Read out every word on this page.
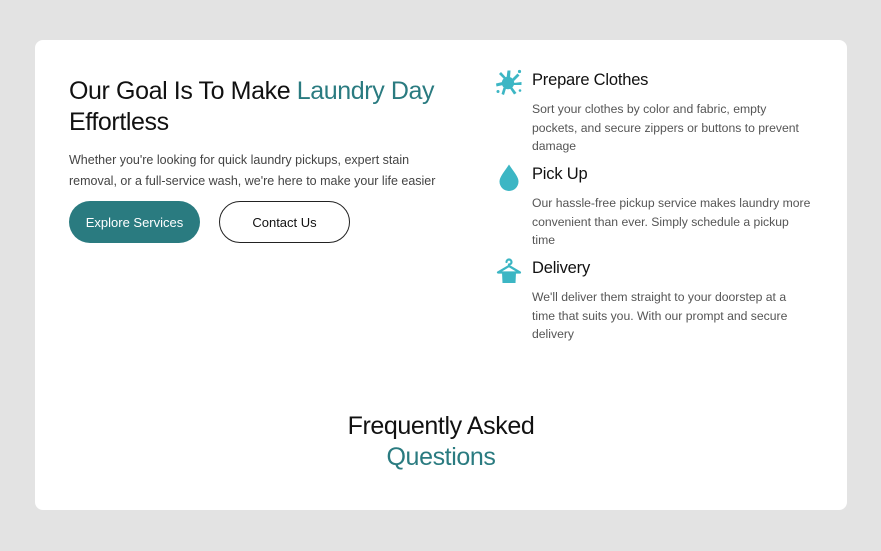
Our Goal Is To Make Laundry Day
Effortless

Whether you're looking for quick laundry pickups, expert stain removal, or a full-service wash, we're here to make your life easier

Explore Services	Contact Us
Prepare Clothes

Sort your clothes by color and fabric, empty pockets, and secure zippers or buttons to prevent damage

Pick Up

Our hassle-free pickup service makes laundry more convenient than ever. Simply schedule a pickup time

Delivery

We'll deliver them straight to your doorstep at a time that suits you. With our prompt and secure delivery

Frequently Asked
Questions
